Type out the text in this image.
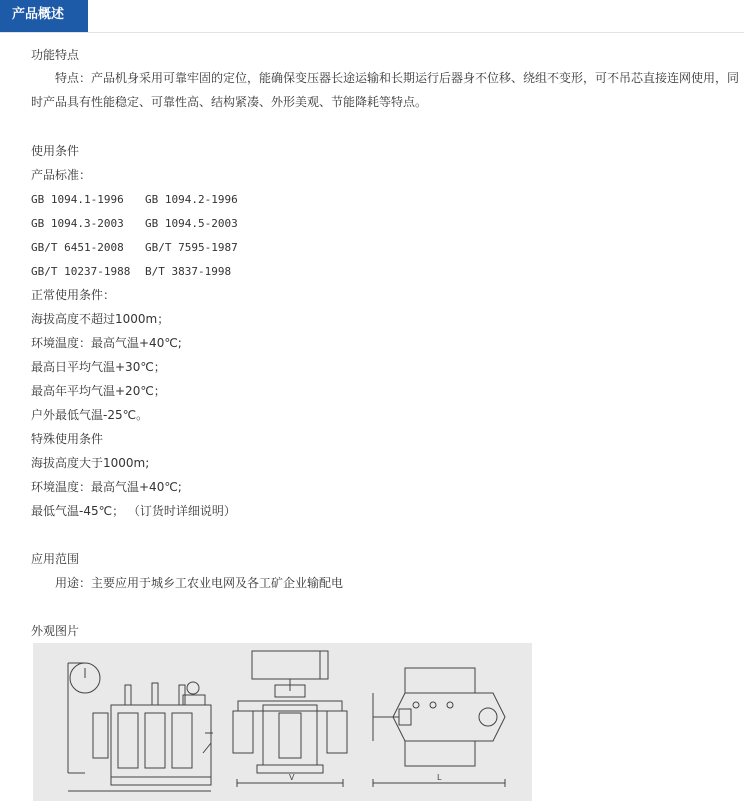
产品概述
功能特点
特点：产品机身采用可靠牢固的定位，能确保变压器长途运输和长期运行后器身不位移、绕组不变形，可不吊芯直接连网使用，同时产品具有性能稳定、可靠性高、结构紧凑、外形美观、节能降耗等特点。
使用条件
产品标准：
GB 1094.1-1996 GB 1094.2-1996
GB 1094.3-2003 GB 1094.5-2003
GB/T 6451-2008 GB/T 7595-1987
GB/T 10237-1988B/T 3837-1998
正常使用条件：
海拔高度不超过1000m；
环境温度：最高气温+40℃;
最高日平均气温+30℃；
最高年平均气温+20℃；
户外最低气温-25℃。
特殊使用条件
海拔高度大于1000m;
环境温度：最高气温+40℃;
最低气温-45℃； （订货时详细说明）
应用范围
用途：主要应用于城乡工农业电网及各工矿企业输配电
外观图片
V	L
